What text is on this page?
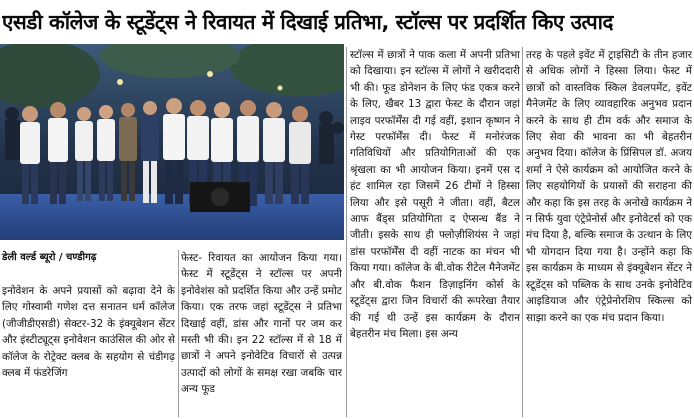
एसडी कॉलेज के स्टूडेंट्स ने रिवायत में दिखाई प्रतिभा, स्टॉल्स पर प्रदर्शित किए उत्पाद
डेली वर्ल्ड ब्यूरो / चण्डीगढ़

इनोवेशन के अपने प्रयासों को बढ़ावा देने के लिए गोस्वामी गणेश दत्त सनातन धर्म कॉलेज (जीजीडीएसडी) सेक्टर-32 के इंक्यूबेशन सेंटर और इंस्टीट्यूट्स इनोवेशन काउंसिल की ओर से कॉलेज के रोट्रेक्ट क्लब के सहयोग से चंडीगढ़ क्लब में फंडरेजिंग

फेस्ट- रिवायत का आयोजन किया गया। फेस्ट में स्टूडेंट्स ने स्टॉल्स पर अपनी इनोवेशंस को प्रदर्शित किया और उन्हें प्रमोट किया। एक तरफ जहां स्टूडेंट्स ने प्रतिभा दिखाई वहीं, डांस और गानों पर जम कर मस्ती भी की। इन 22 स्टॉल्स में से 18 में छात्रों ने अपने इनोवेटिव विचारों से उत्पन्न उत्पादों को लोगों के समक्ष रखा जबकि चार अन्य फूड

स्टॉल्स में छात्रों ने पाक कला में अपनी प्रतिभा को दिखाया। इन स्टॉल्स में लोगों ने खरीददारी भी की। फूड डोनेशन के लिए फंड एकत्र करने के लिए, खैबर 13 द्वारा फेस्ट के दौरान जहां लाइव परफॉर्मेंस दी गई वहीं, इशान कृष्णन ने गेस्ट परफॉर्मेंस दी। फेस्ट में मनोरंजक गतिविधियों और प्रतियोगिताओं की एक श्रृंखला का भी आयोजन किया। इनमें एस द हंट शामिल रहा जिसमें 26 टीमों ने हिस्सा लिया और इसे पसूरी ने जीता। वहीं, बैटल आफ बैंड्स प्रतियोगिता द ऐप्सन्ध बैंड ने जीती। इसके साथ ही फ्लोज़ीशियंस ने जहां डांस परफॉर्मेंस दी वहीं नाटक का मंचन भी किया गया। कॉलेज के बी.वोक रीटेल मैनेजमेंट और बी.वोक फैशन डिज़ाइनिंग कोर्स के स्टूडेंट्स द्वारा जिन विचारों की रूपरेखा तैयार की गई थी उन्हें इस कार्यक्रम के दौरान बेहतरीन मंच मिला। इस अन्य

तरह के पहले इवेंट में ट्राइसिटी के तीन हजार से अधिक लोगों ने हिस्सा लिया। फेस्ट में छात्रों को वास्तविक स्किल डेवलपमेंट, इवेंट मैनेजमेंट के लिए व्यावहारिक अनुभव प्रदान करने के साथ ही टीम वर्क और समाज के लिए सेवा की भावना का भी बेहतरीन अनुभव दिया। कॉलेज के प्रिंसिपल डॉ. अजय शर्मा ने ऐसे कार्यक्रम को आयोजित करने के लिए सहयोगियों के प्रयासों की सराहना की और कहा कि इस तरह के अनोखे कार्यक्रम ने न सिर्फ युवा एंट्रेप्रेनोर्स और इनोवेटर्स को एक मंच दिया है, बल्कि समाज के उत्थान के लिए भी योगदान दिया गया है। उन्होंने कहा कि इस कार्यक्रम के माध्यम से इंक्यूबेशन सेंटर ने स्टूडेंट्स को पब्लिक के साथ उनके इनोवेटिव आइडियाज और एंट्रेप्रेनोरशिप स्किल्स को साझा करने का एक मंच प्रदान किया।
